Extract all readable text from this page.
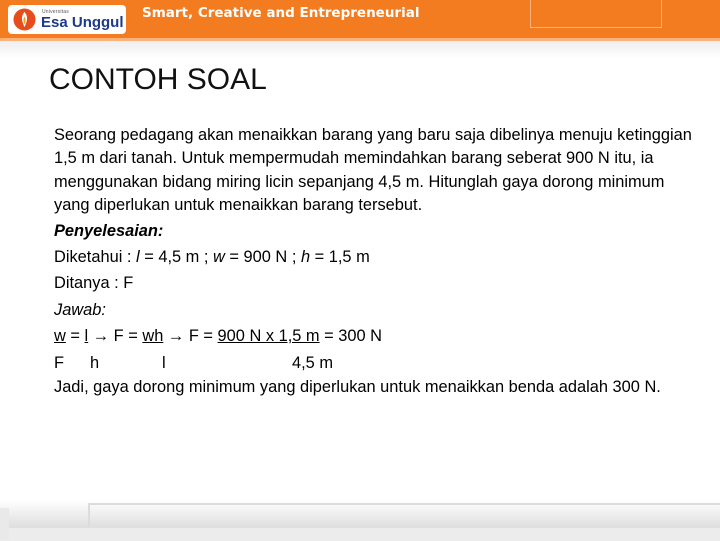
Universitas
Esa Unggul
Smart, Creative and Entrepreneurial
CONTOH SOAL

Seorang pedagang akan menaikkan barang yang baru saja dibelinya menuju ketinggian 1,5 m dari tanah. Untuk mempermudah memindahkan barang seberat 900 N itu, ia menggunakan bidang miring licin sepanjang 4,5 m. Hitunglah gaya dorong minimum yang diperlukan untuk menaikkan barang tersebut.

Penyelesaian:

Diketahui : l = 4,5 m ; w = 900 N ; h = 1,5 m

Ditanya : F

Jawab:

w = l → F = wh → F = 900 N x 1,5 m = 300 N

F h	l	4,5 m

Jadi, gaya dorong minimum yang diperlukan untuk menaikkan benda adalah 300 N.
